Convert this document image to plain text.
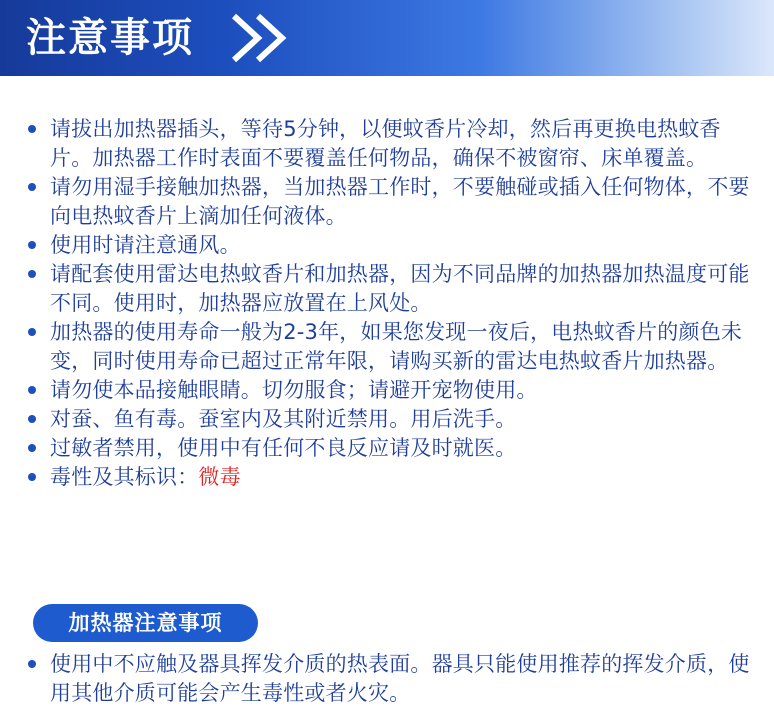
注意事项

请拔出加热器插头，等待5分钟，以便蚊香片冷却，然后再更换电热蚊香片。加热器工作时表面不要覆盖任何物品，确保不被窗帘、床单覆盖。

请勿用湿手接触加热器，当加热器工作时，不要触碰或插入任何物体，不要向电热蚊香片上滴加任何液体。

使用时请注意通风。

请配套使用雷达电热蚊香片和加热器，因为不同品牌的加热器加热温度可能不同。使用时，加热器应放置在上风处。

加热器的使用寿命一般为2-3年，如果您发现一夜后，电热蚊香片的颜色未变，同时使用寿命已超过正常年限，请购买新的雷达电热蚊香片加热器。

请勿使本品接触眼睛。切勿服食；请避开宠物使用。

对蚕、鱼有毒。蚕室内及其附近禁用。用后洗手。

过敏者禁用，使用中有任何不良反应请及时就医。

毒性及其标识：微毒

加热器注意事项

使用中不应触及器具挥发介质的热表面。器具只能使用推荐的挥发介质，使用其他介质可能会产生毒性或者火灾。
